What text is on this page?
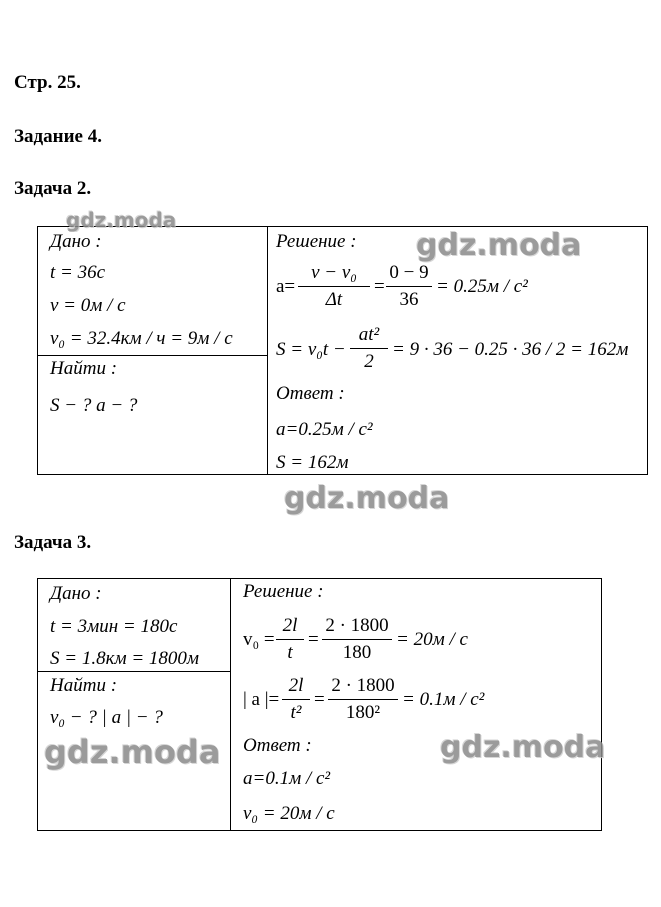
Стр. 25.
Задание 4.
Задача 2.
Дано :
t = 36с
v = 0м / с
v₀ = 32.4км / ч = 9м / с
Найти :
S − ? a − ?
Решение :
a=
v − v₀
Δt
=
0 − 9
36
= 0.25м / с²
S = v₀t −
at²
2
= 9 · 36 − 0.25 · 36 / 2 = 162м
Ответ :
a=0.25м / с²
S = 162м
Задача 3.
Дано :
t = 3мин = 180с
S = 1.8км = 1800м
Найти :
v₀ − ? | a | − ?
Решение :
v₀ =
2l
t
=
2 · 1800
180
= 20м / с
| a |=
2l
t²
=
2 · 1800
180²
= 0.1м / с²
Ответ :
a=0.1м / с²
v₀ = 20м / с
gdz.moda
gdz.moda
gdz.moda
gdz.moda	gdz.moda
